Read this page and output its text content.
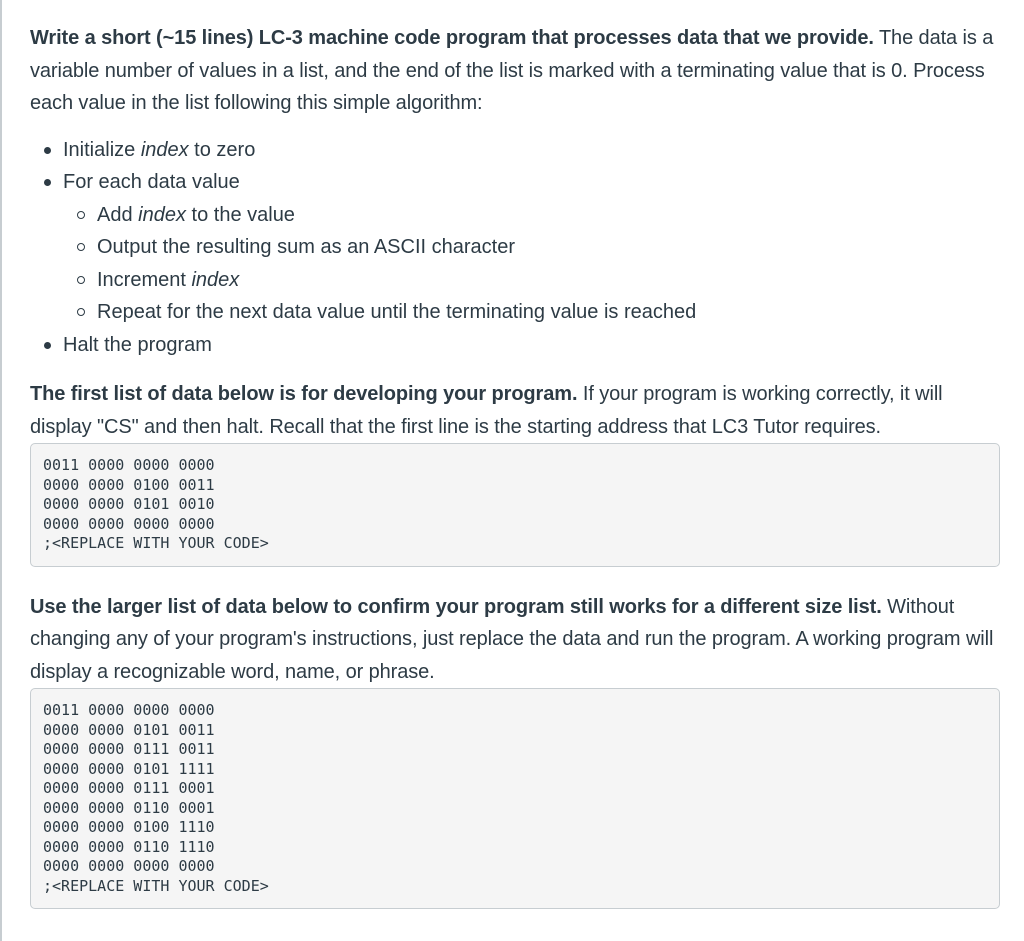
Write a short (~15 lines) LC-3 machine code program that processes data that we provide. The data is a variable number of values in a list, and the end of the list is marked with a terminating value that is 0. Process each value in the list following this simple algorithm:

Initialize index to zero
For each data value
Add index to the value
Output the resulting sum as an ASCII character
Increment index
Repeat for the next data value until the terminating value is reached
Halt the program

The first list of data below is for developing your program. If your program is working correctly, it will display "CS" and then halt. Recall that the first line is the starting address that LC3 Tutor requires.

0011 0000 0000 0000
0000 0000 0100 0011
0000 0000 0101 0010
0000 0000 0000 0000
;<REPLACE WITH YOUR CODE>

Use the larger list of data below to confirm your program still works for a different size list. Without changing any of your program's instructions, just replace the data and run the program. A working program will display a recognizable word, name, or phrase.

0011 0000 0000 0000
0000 0000 0101 0011
0000 0000 0111 0011
0000 0000 0101 1111
0000 0000 0111 0001
0000 0000 0110 0001
0000 0000 0100 1110
0000 0000 0110 1110
0000 0000 0000 0000
;<REPLACE WITH YOUR CODE>
